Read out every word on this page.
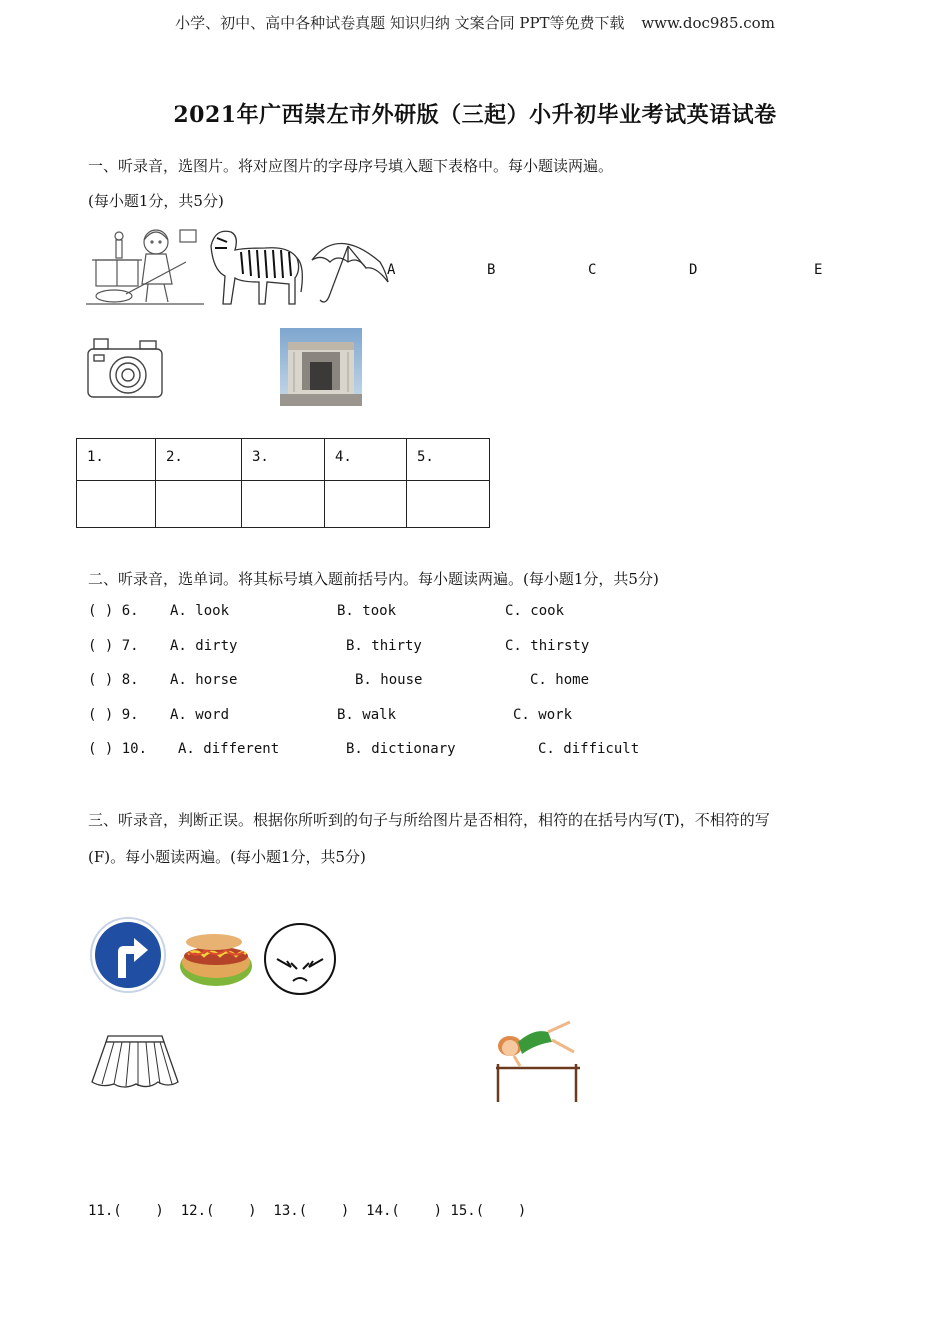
小学、初中、高中各种试卷真题 知识归纳 文案合同 PPT等免费下载 www.doc985.com
2021年广西崇左市外研版（三起）小升初毕业考试英语试卷
一、听录音，选图片。将对应图片的字母序号填入题下表格中。每小题读两遍。
(每小题1分，共5分)
A	B	C	D	E
1.	2.	3.	4.	5.

二、听录音，选单词。将其标号填入题前括号内。每小题读两遍。(每小题1分，共5分)
( ) 6. A. look	B. took	C. cook
( ) 7. A. dirty	B. thirty	C. thirsty
( ) 8. A. horse	B. house	C. home
( ) 9. A. word	B. walk	C. work
( ) 10. A. different	B. dictionary	C. difficult
三、听录音，判断正误。根据你所听到的句子与所给图片是否相符，相符的在括号内写(T)，不相符的写
(F)。每小题读两遍。(每小题1分，共5分)
11.(    )  12.(    )  13.(    )  14.(    ) 15.(    )
